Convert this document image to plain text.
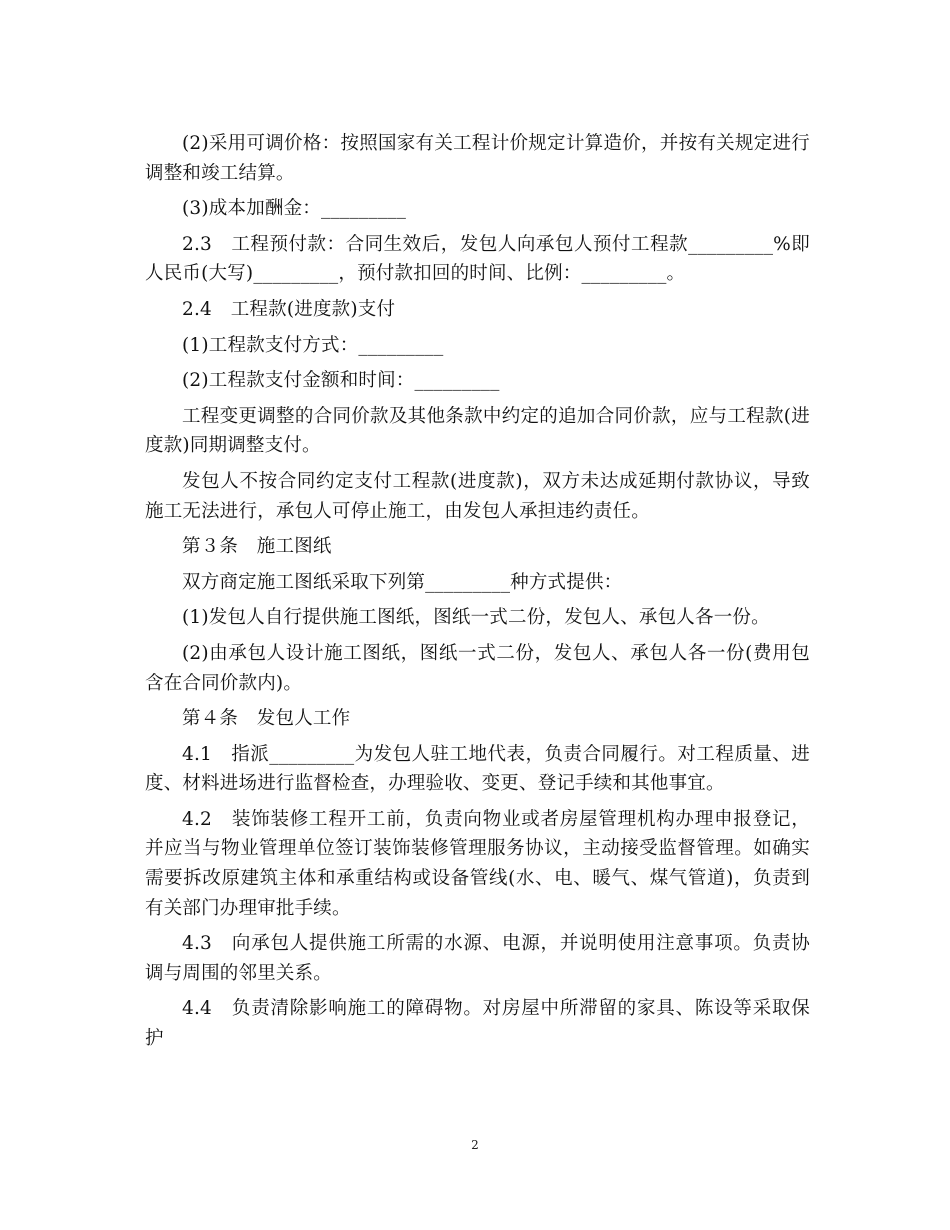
(2)采用可调价格：按照国家有关工程计价规定计算造价，并按有关规定进行调整和竣工结算。

(3)成本加酬金：_________

2.3　工程预付款：合同生效后，发包人向承包人预付工程款_________%即人民币(大写)_________，预付款扣回的时间、比例：_________。

2.4　工程款(进度款)支付

(1)工程款支付方式：_________

(2)工程款支付金额和时间：_________

工程变更调整的合同价款及其他条款中约定的追加合同价款，应与工程款(进度款)同期调整支付。

发包人不按合同约定支付工程款(进度款)，双方未达成延期付款协议，导致施工无法进行，承包人可停止施工，由发包人承担违约责任。

第３条　施工图纸

双方商定施工图纸采取下列第_________种方式提供：

(1)发包人自行提供施工图纸，图纸一式二份，发包人、承包人各一份。

(2)由承包人设计施工图纸，图纸一式二份，发包人、承包人各一份(费用包含在合同价款内)。

第４条　发包人工作

4.1　指派_________为发包人驻工地代表，负责合同履行。对工程质量、进度、材料进场进行监督检查，办理验收、变更、登记手续和其他事宜。

4.2　装饰装修工程开工前，负责向物业或者房屋管理机构办理申报登记，并应当与物业管理单位签订装饰装修管理服务协议，主动接受监督管理。如确实需要拆改原建筑主体和承重结构或设备管线(水、电、暖气、煤气管道)，负责到有关部门办理审批手续。

4.3　向承包人提供施工所需的水源、电源，并说明使用注意事项。负责协调与周围的邻里关系。

4.4　负责清除影响施工的障碍物。对房屋中所滞留的家具、陈设等采取保护

2
